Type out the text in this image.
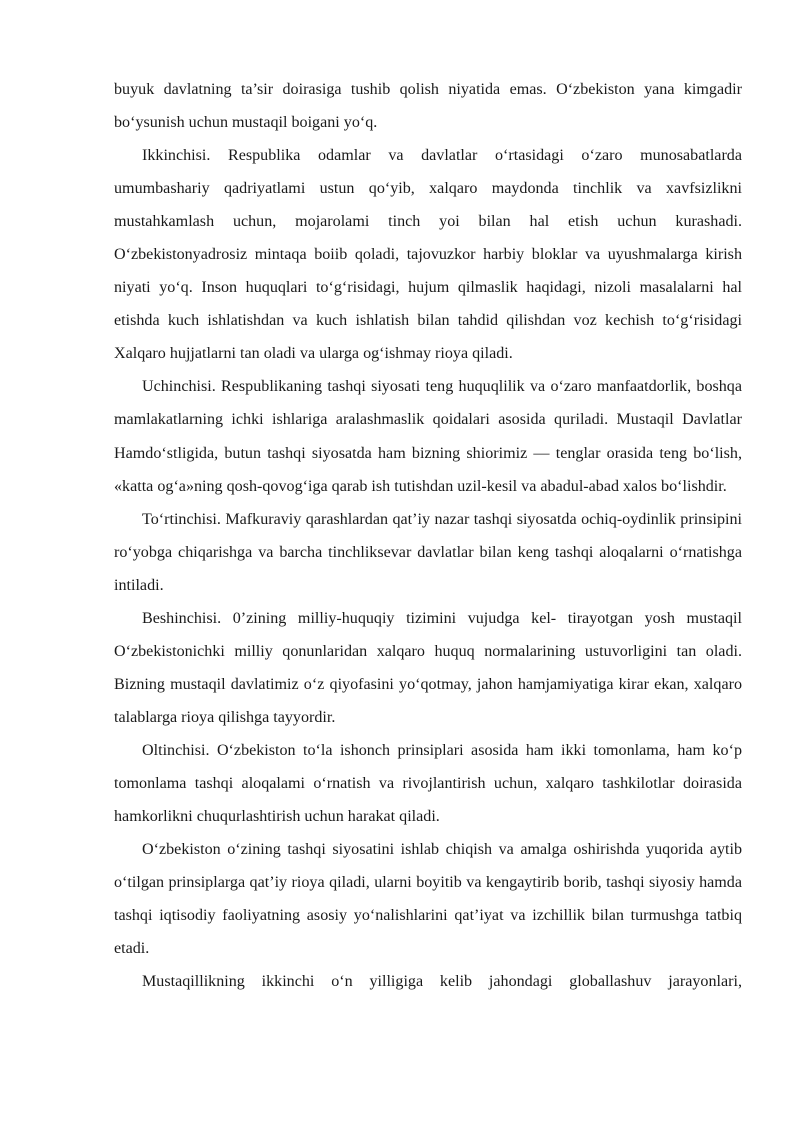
buyuk davlatning ta’sir doirasiga tushib qolish niyatida emas. O‘zbekiston yana kimgadir bo‘ysunish uchun mustaqil boigani yo‘q.

Ikkinchisi. Respublika odamlar va davlatlar o‘rtasidagi o‘zaro munosabatlarda umumbashariy qadriyatlami ustun qo‘yib, xalqaro maydonda tinchlik va xavfsizlikni mustahkamlash uchun, mojarolami tinch yoi bilan hal etish uchun kurashadi. O‘zbekistonyadrosiz mintaqa boiib qoladi, tajovuzkor harbiy bloklar va uyushmalarga kirish niyati yo‘q. Inson huquqlari to‘g‘risidagi, hujum qilmaslik haqidagi, nizoli masalalarni hal etishda kuch ishlatishdan va kuch ishlatish bilan tahdid qilishdan voz kechish to‘g‘risidagi Xalqaro hujjatlarni tan oladi va ularga og‘ishmay rioya qiladi.

Uchinchisi. Respublikaning tashqi siyosati teng huquqlilik va o‘zaro manfaatdorlik, boshqa mamlakatlarning ichki ishlariga aralashmaslik qoidalari asosida quriladi. Mustaqil Davlatlar Hamdo‘stligida, butun tashqi siyosatda ham bizning shiorimiz — tenglar orasida teng bo‘lish, «katta og‘a»ning qosh-qovog‘iga qarab ish tutishdan uzil-kesil va abadul-abad xalos bo‘lishdir.

To‘rtinchisi. Mafkuraviy qarashlardan qat’iy nazar tashqi siyosatda ochiq-oydinlik prinsipini ro‘yobga chiqarishga va barcha tinchliksevar davlatlar bilan keng tashqi aloqalarni o‘rnatishga intiladi.

Beshinchisi. 0’zining milliy-huquqiy tizimini vujudga kel- tirayotgan yosh mustaqil O‘zbekistonichki milliy qonunlaridan xalqaro huquq normalarining ustuvorligini tan oladi. Bizning mustaqil davlatimiz o‘z qiyofasini yo‘qotmay, jahon hamjamiyatiga kirar ekan, xalqaro talablarga rioya qilishga tayyordir.

Oltinchisi. O‘zbekiston to‘la ishonch prinsiplari asosida ham ikki tomonlama, ham ko‘p tomonlama tashqi aloqalami o‘rnatish va rivojlantirish uchun, xalqaro tashkilotlar doirasida hamkorlikni chuqurlashtirish uchun harakat qiladi.

O‘zbekiston o‘zining tashqi siyosatini ishlab chiqish va amalga oshirishda yuqorida aytib o‘tilgan prinsiplarga qat’iy rioya qiladi, ularni boyitib va kengaytirib borib, tashqi siyosiy hamda tashqi iqtisodiy faoliyatning asosiy yo‘nalishlarini qat’iyat va izchillik bilan turmushga tatbiq etadi.

Mustaqillikning ikkinchi o‘n yilligiga kelib jahondagi globallashuv jarayonlari,
